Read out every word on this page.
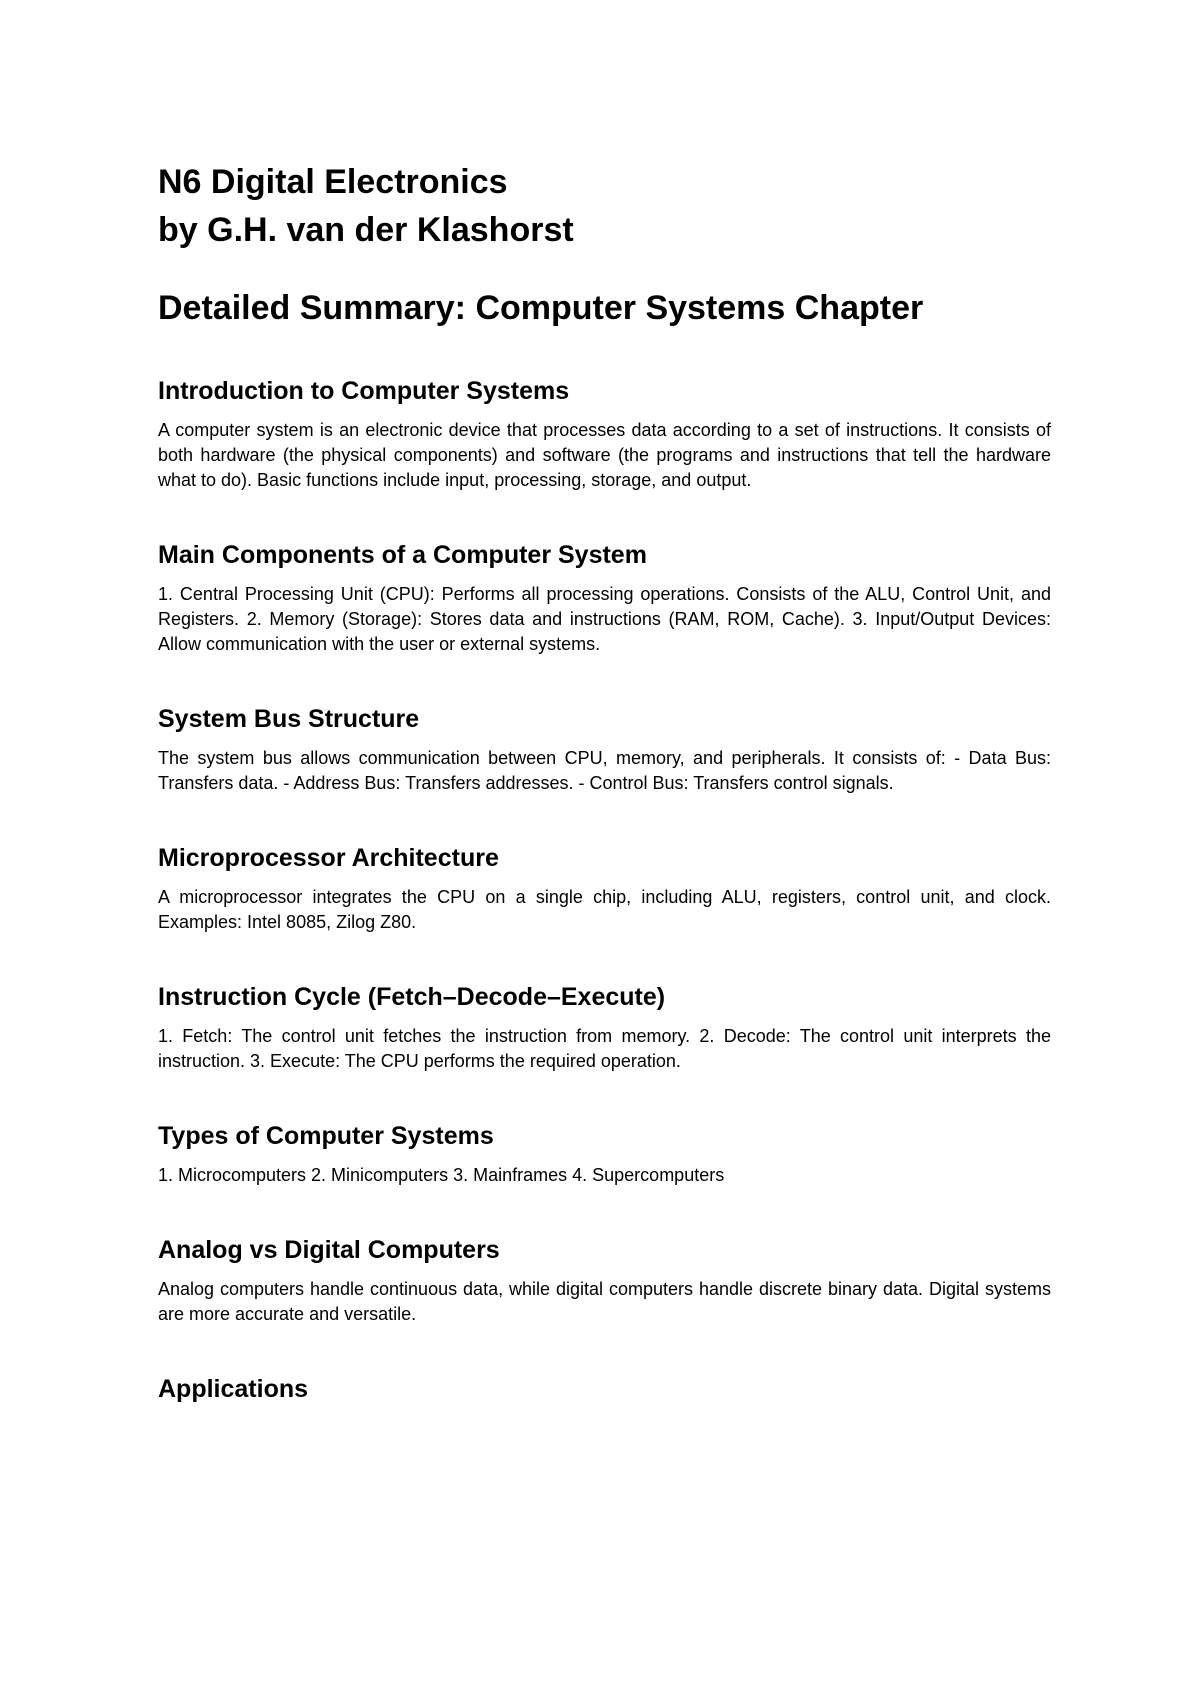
N6 Digital Electronics
by G.H. van der Klashorst
Detailed Summary: Computer Systems Chapter
Introduction to Computer Systems

A computer system is an electronic device that processes data according to a set of instructions. It consists of both hardware (the physical components) and software (the programs and instructions that tell the hardware what to do). Basic functions include input, processing, storage, and output.

Main Components of a Computer System

1. Central Processing Unit (CPU): Performs all processing operations. Consists of the ALU, Control Unit, and Registers. 2. Memory (Storage): Stores data and instructions (RAM, ROM, Cache). 3. Input/Output Devices: Allow communication with the user or external systems.

System Bus Structure

The system bus allows communication between CPU, memory, and peripherals. It consists of: - Data Bus: Transfers data. - Address Bus: Transfers addresses. - Control Bus: Transfers control signals.

Microprocessor Architecture

A microprocessor integrates the CPU on a single chip, including ALU, registers, control unit, and clock. Examples: Intel 8085, Zilog Z80.

Instruction Cycle (Fetch–Decode–Execute)

1. Fetch: The control unit fetches the instruction from memory. 2. Decode: The control unit interprets the instruction. 3. Execute: The CPU performs the required operation.

Types of Computer Systems

1. Microcomputers 2. Minicomputers 3. Mainframes 4. Supercomputers

Analog vs Digital Computers

Analog computers handle continuous data, while digital computers handle discrete binary data. Digital systems are more accurate and versatile.

Applications
